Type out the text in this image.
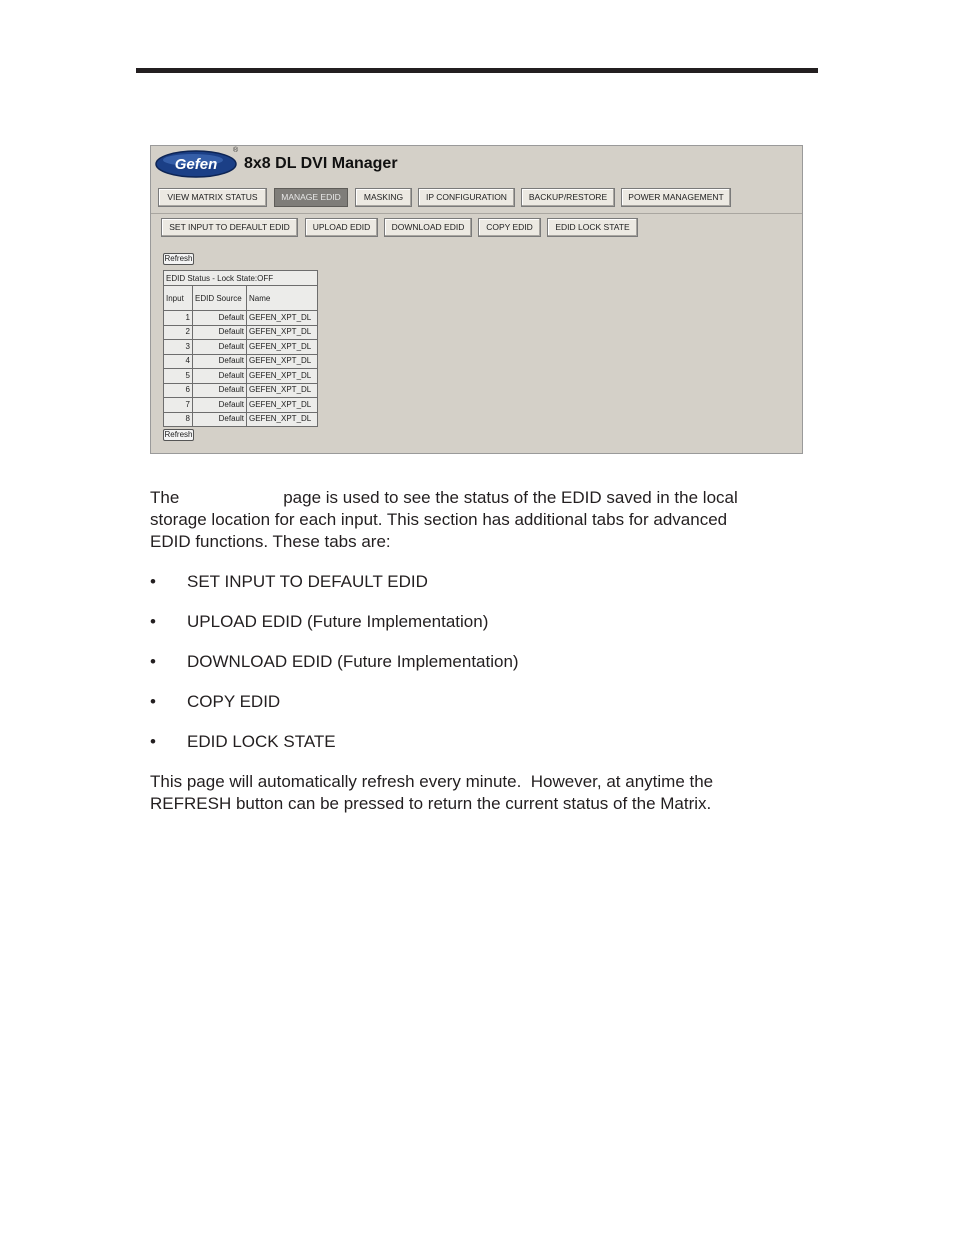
Gefen
®
8x8 DL DVI Manager
VIEW MATRIX STATUS	MANAGE EDID	MASKING	IP CONFIGURATION	BACKUP/RESTORE	POWER MANAGEMENT
SET INPUT TO DEFAULT EDID	UPLOAD EDID	DOWNLOAD EDID	COPY EDID	EDID LOCK STATE
Refresh
EDID Status - Lock State:OFF		
Input	EDID Source	Name
1	Default	GEFEN_XPT_DL
2	Default	GEFEN_XPT_DL
3	Default	GEFEN_XPT_DL
4	Default	GEFEN_XPT_DL
5	Default	GEFEN_XPT_DL
6	Default	GEFEN_XPT_DL
7	Default	GEFEN_XPT_DL
8	Default	GEFEN_XPT_DL
Refresh
The                      page is used to see the status of the EDID saved in the local
storage location for each input. This section has additional tabs for advanced
EDID functions. These tabs are:
• SET INPUT TO DEFAULT EDID
• UPLOAD EDID (Future Implementation)
• DOWNLOAD EDID (Future Implementation)
• COPY EDID
• EDID LOCK STATE
This page will automatically refresh every minute.  However, at anytime the
REFRESH button can be pressed to return the current status of the Matrix.
